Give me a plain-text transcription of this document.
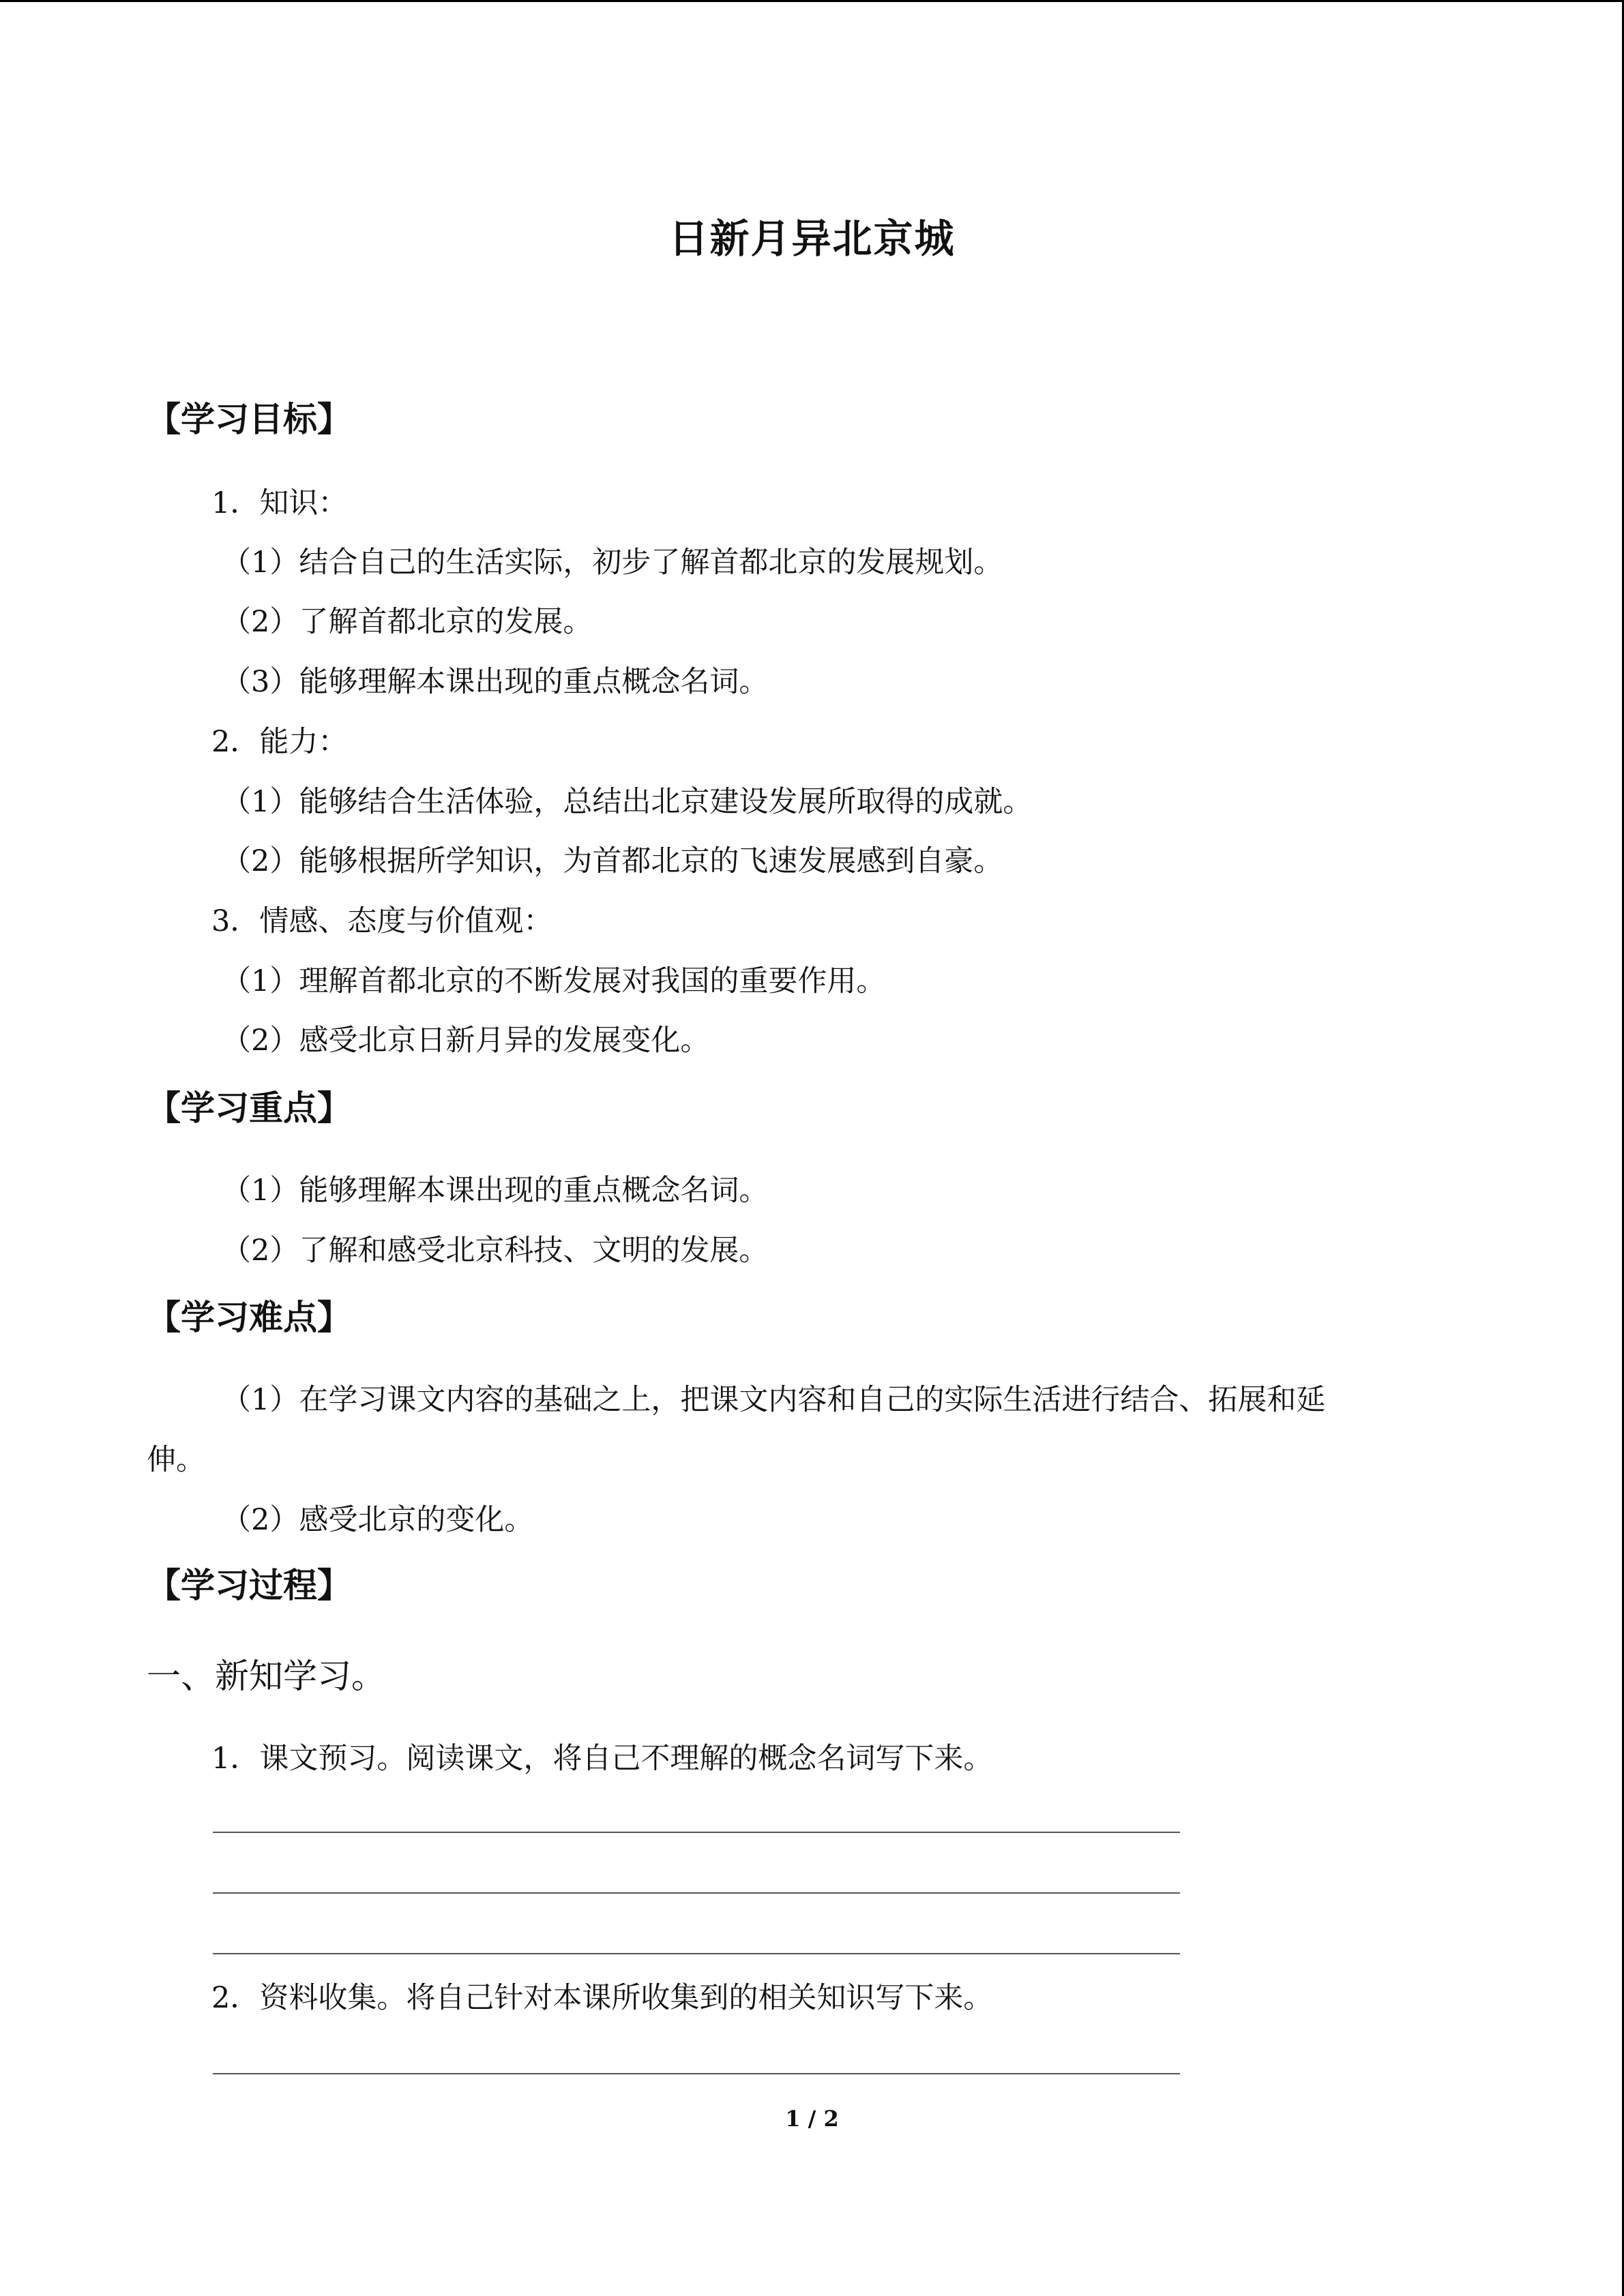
日新月异北京城
【学习目标】
1．知识：
（1）结合自己的生活实际，初步了解首都北京的发展规划。
（2）了解首都北京的发展。
（3）能够理解本课出现的重点概念名词。
2．能力：
（1）能够结合生活体验，总结出北京建设发展所取得的成就。
（2）能够根据所学知识，为首都北京的飞速发展感到自豪。
3．情感、态度与价值观：
（1）理解首都北京的不断发展对我国的重要作用。
（2）感受北京日新月异的发展变化。
【学习重点】
（1）能够理解本课出现的重点概念名词。
（2）了解和感受北京科技、文明的发展。
【学习难点】
（1）在学习课文内容的基础之上，把课文内容和自己的实际生活进行结合、拓展和延
伸。
（2）感受北京的变化。
【学习过程】
一、新知学习。
1．课文预习。阅读课文，将自己不理解的概念名词写下来。
2．资料收集。将自己针对本课所收集到的相关知识写下来。
1 / 2
